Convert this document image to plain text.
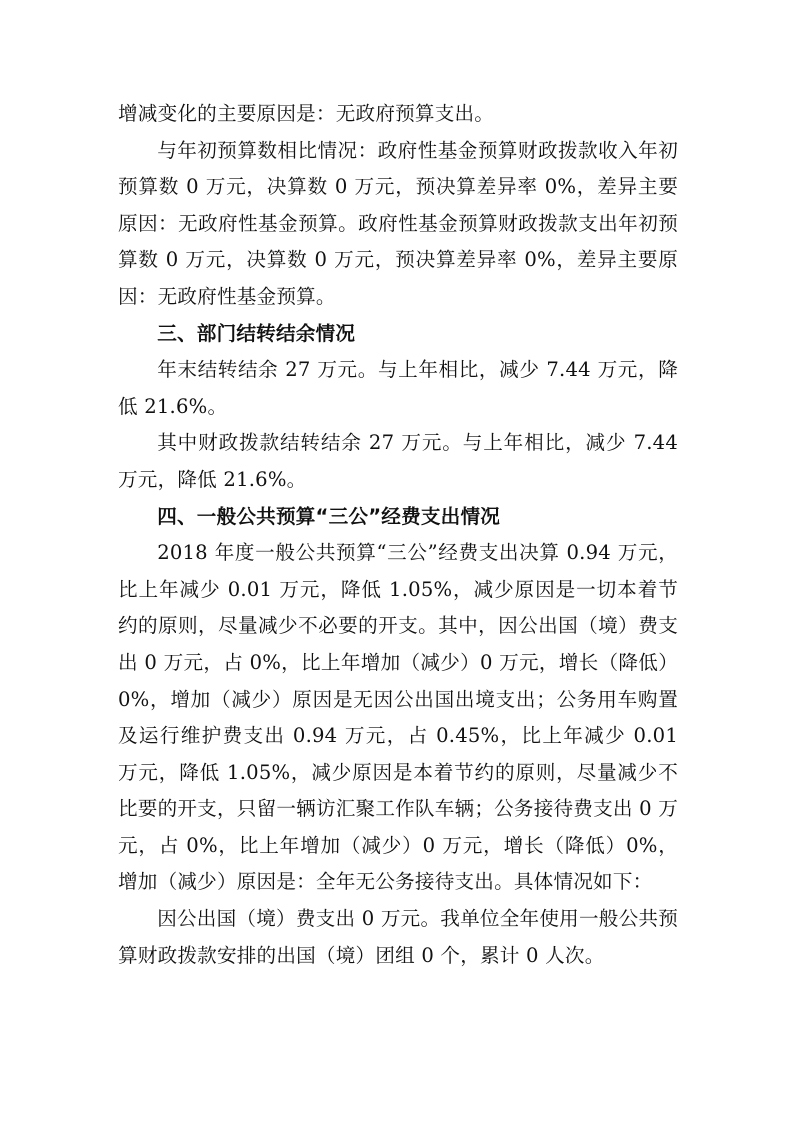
增减变化的主要原因是：无政府预算支出。

与年初预算数相比情况：政府性基金预算财政拨款收入年初预算数 0 万元，决算数 0 万元，预决算差异率 0%，差异主要原因：无政府性基金预算。政府性基金预算财政拨款支出年初预算数 0 万元，决算数 0 万元，预决算差异率 0%，差异主要原因：无政府性基金预算。

三、部门结转结余情况

年末结转结余 27 万元。与上年相比，减少 7.44 万元，降低 21.6%。

其中财政拨款结转结余 27 万元。与上年相比，减少 7.44 万元，降低 21.6%。

四、一般公共预算“三公”经费支出情况

2018 年度一般公共预算“三公”经费支出决算 0.94 万元，比上年减少 0.01 万元，降低 1.05%，减少原因是一切本着节约的原则，尽量减少不必要的开支。其中，因公出国（境）费支出 0 万元，占 0%，比上年增加（减少）0 万元，增长（降低）0%，增加（减少）原因是无因公出国出境支出；公务用车购置及运行维护费支出 0.94 万元，占 0.45%，比上年减少 0.01 万元，降低 1.05%，减少原因是本着节约的原则，尽量减少不比要的开支，只留一辆访汇聚工作队车辆；公务接待费支出 0 万元，占 0%，比上年增加（减少）0 万元，增长（降低）0%，增加（减少）原因是：全年无公务接待支出。具体情况如下：

因公出国（境）费支出 0 万元。我单位全年使用一般公共预算财政拨款安排的出国（境）团组 0 个，累计 0 人次。
